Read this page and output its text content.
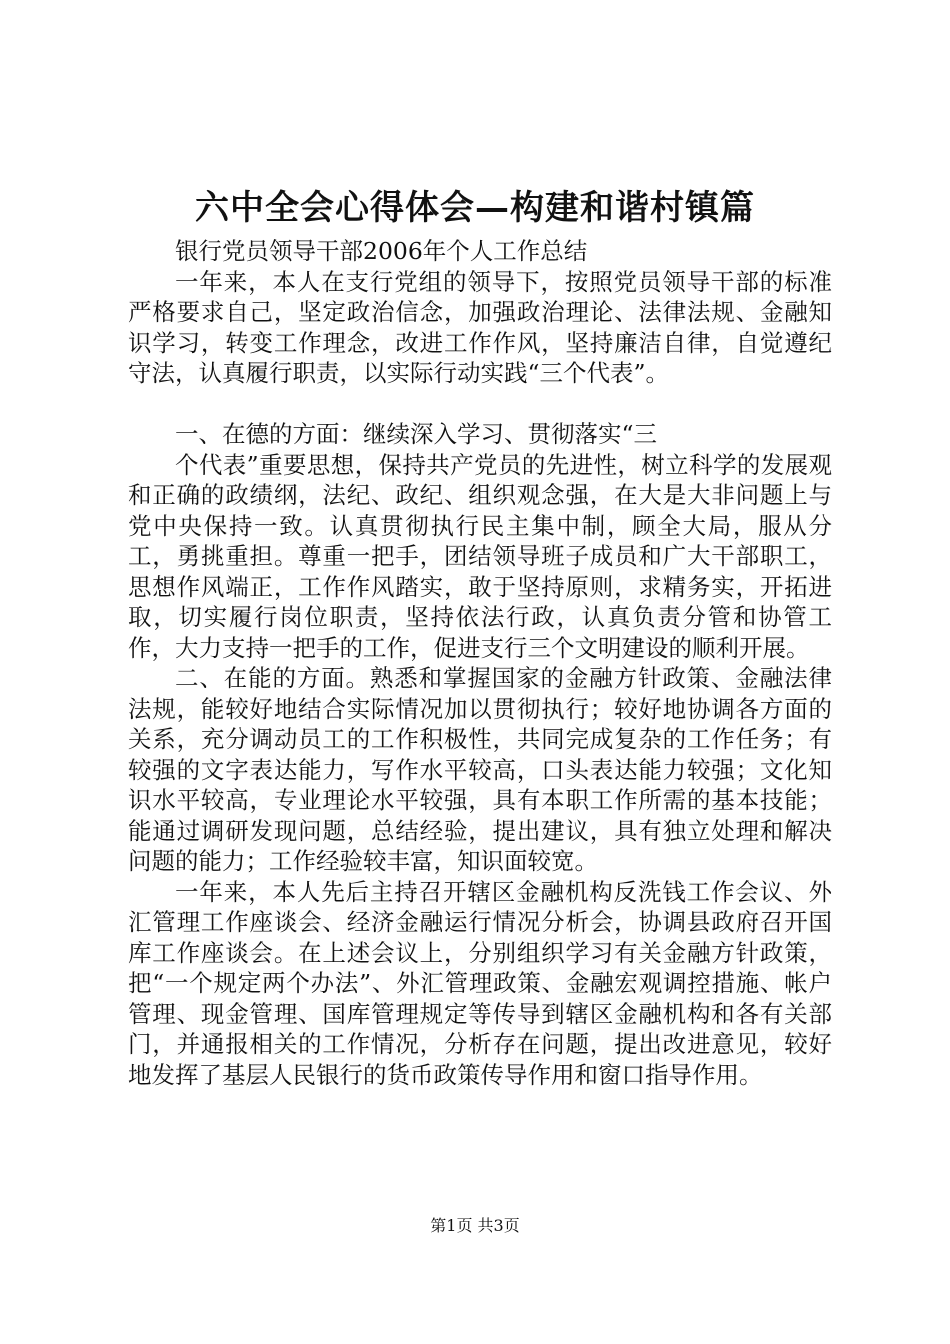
六中全会心得体会—构建和谐村镇篇

银行党员领导干部2006年个人工作总结

一年来，本人在支行党组的领导下，按照党员领导干部的标准严格要求自己，坚定政治信念，加强政治理论、法律法规、金融知识学习，转变工作理念，改进工作作风，坚持廉洁自律，自觉遵纪守法，认真履行职责，以实际行动实践“三个代表”。

一、在德的方面：继续深入学习、贯彻落实“三

个代表”重要思想，保持共产党员的先进性，树立科学的发展观和正确的政绩纲，法纪、政纪、组织观念强，在大是大非问题上与党中央保持一致。认真贯彻执行民主集中制，顾全大局，服从分工，勇挑重担。尊重一把手，团结领导班子成员和广大干部职工，思想作风端正，工作作风踏实，敢于坚持原则，求精务实，开拓进取，切实履行岗位职责，坚持依法行政，认真负责分管和协管工作，大力支持一把手的工作，促进支行三个文明建设的顺利开展。

二、在能的方面。熟悉和掌握国家的金融方针政策、金融法律法规，能较好地结合实际情况加以贯彻执行；较好地协调各方面的关系，充分调动员工的工作积极性，共同完成复杂的工作任务；有较强的文字表达能力，写作水平较高，口头表达能力较强；文化知识水平较高，专业理论水平较强，具有本职工作所需的基本技能；能通过调研发现问题，总结经验，提出建议，具有独立处理和解决问题的能力；工作经验较丰富，知识面较宽。

一年来，本人先后主持召开辖区金融机构反洗钱工作会议、外汇管理工作座谈会、经济金融运行情况分析会，协调县政府召开国库工作座谈会。在上述会议上，分别组织学习有关金融方针政策，把“一个规定两个办法”、外汇管理政策、金融宏观调控措施、帐户管理、现金管理、国库管理规定等传导到辖区金融机构和各有关部门，并通报相关的工作情况，分析存在问题，提出改进意见，较好地发挥了基层人民银行的货币政策传导作用和窗口指导作用。

第1页 共3页
